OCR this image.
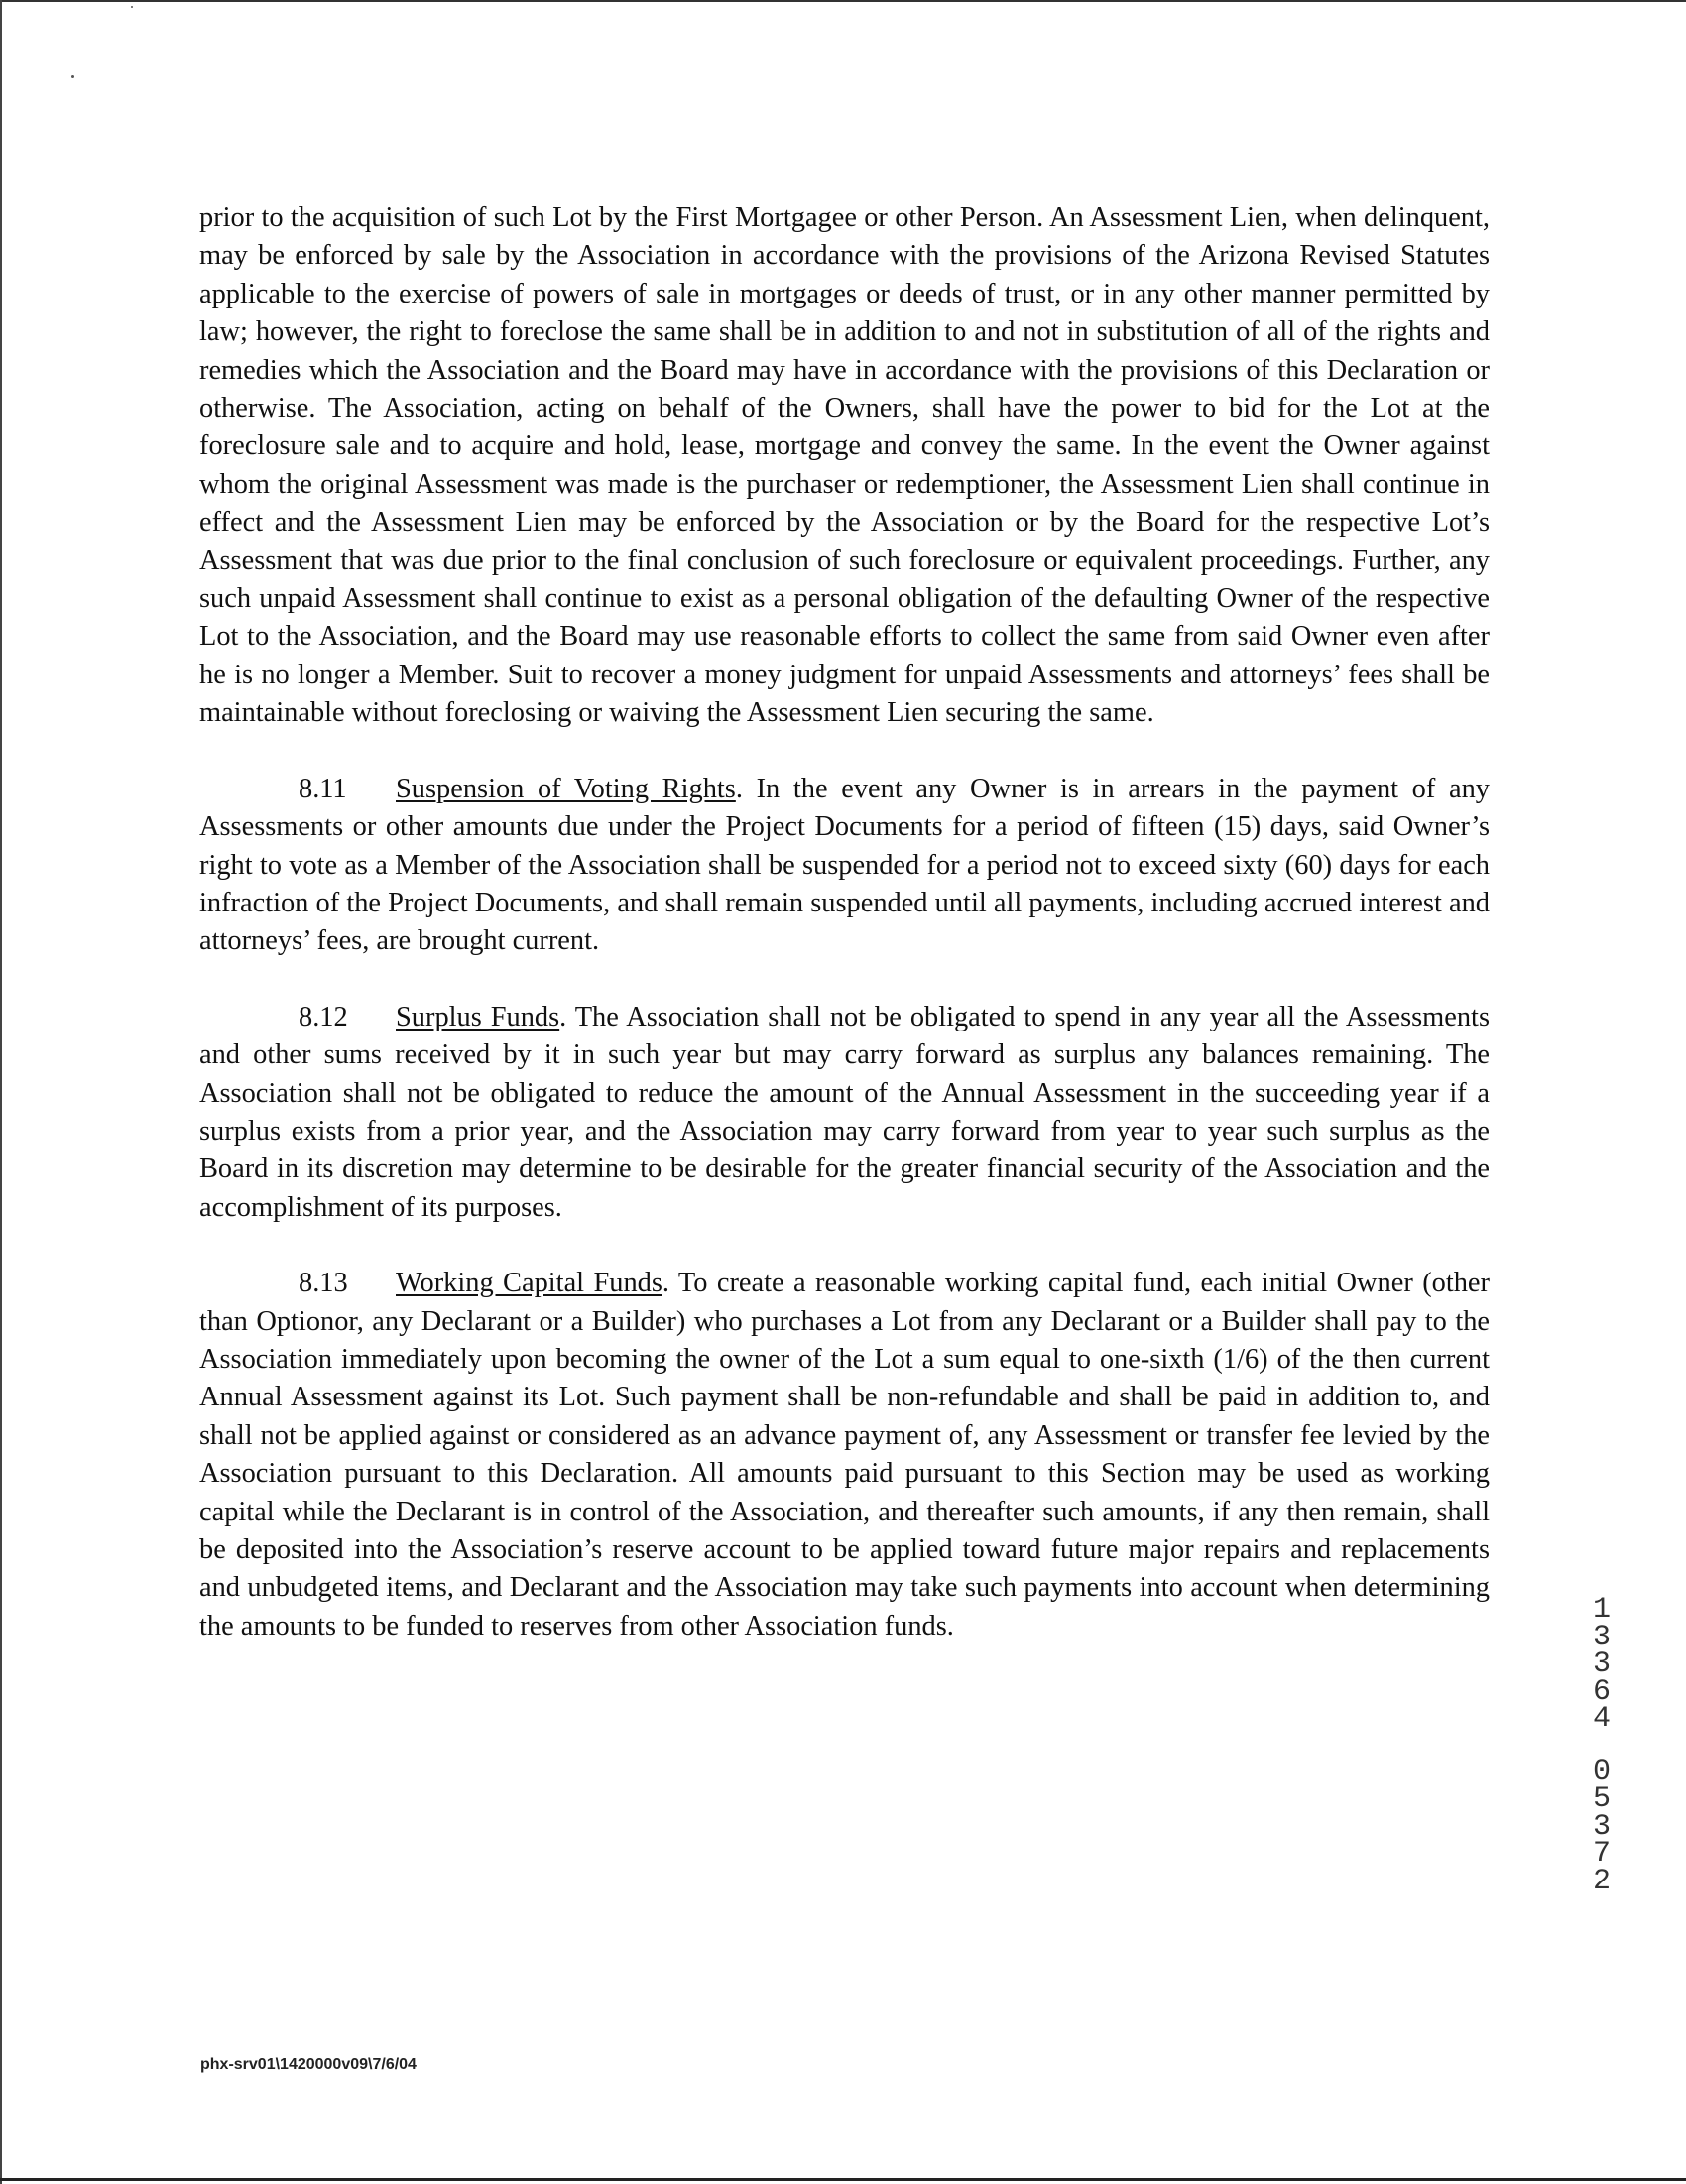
prior to the acquisition of such Lot by the First Mortgagee or other Person. An Assessment Lien, when delinquent, may be enforced by sale by the Association in accordance with the provisions of the Arizona Revised Statutes applicable to the exercise of powers of sale in mortgages or deeds of trust, or in any other manner permitted by law; however, the right to foreclose the same shall be in addition to and not in substitution of all of the rights and remedies which the Association and the Board may have in accordance with the provisions of this Declaration or otherwise. The Association, acting on behalf of the Owners, shall have the power to bid for the Lot at the foreclosure sale and to acquire and hold, lease, mortgage and convey the same. In the event the Owner against whom the original Assessment was made is the purchaser or redemptioner, the Assessment Lien shall continue in effect and the Assessment Lien may be enforced by the Association or by the Board for the respective Lot’s Assessment that was due prior to the final conclusion of such foreclosure or equivalent proceedings. Further, any such unpaid Assessment shall continue to exist as a personal obligation of the defaulting Owner of the respective Lot to the Association, and the Board may use reasonable efforts to collect the same from said Owner even after he is no longer a Member. Suit to recover a money judgment for unpaid Assessments and attorneys’ fees shall be maintainable without foreclosing or waiving the Assessment Lien securing the same.

8.11 Suspension of Voting Rights. In the event any Owner is in arrears in the payment of any Assessments or other amounts due under the Project Documents for a period of fifteen (15) days, said Owner’s right to vote as a Member of the Association shall be suspended for a period not to exceed sixty (60) days for each infraction of the Project Documents, and shall remain suspended until all payments, including accrued interest and attorneys’ fees, are brought current.

8.12 Surplus Funds. The Association shall not be obligated to spend in any year all the Assessments and other sums received by it in such year but may carry forward as surplus any balances remaining. The Association shall not be obligated to reduce the amount of the Annual Assessment in the succeeding year if a surplus exists from a prior year, and the Association may carry forward from year to year such surplus as the Board in its discretion may determine to be desirable for the greater financial security of the Association and the accomplishment of its purposes.

8.13 Working Capital Funds. To create a reasonable working capital fund, each initial Owner (other than Optionor, any Declarant or a Builder) who purchases a Lot from any Declarant or a Builder shall pay to the Association immediately upon becoming the owner of the Lot a sum equal to one-sixth (1/6) of the then current Annual Assessment against its Lot. Such payment shall be non-refundable and shall be paid in addition to, and shall not be applied against or considered as an advance payment of, any Assessment or transfer fee levied by the Association pursuant to this Declaration. All amounts paid pursuant to this Section may be used as working capital while the Declarant is in control of the Association, and thereafter such amounts, if any then remain, shall be deposited into the Association’s reserve account to be applied toward future major repairs and replacements and unbudgeted items, and Declarant and the Association may take such payments into account when determining the amounts to be funded to reserves from other Association funds.	1
3
3
6
4
0
5
3
7
2
phx-srv01\1420000v09\7/6/04
